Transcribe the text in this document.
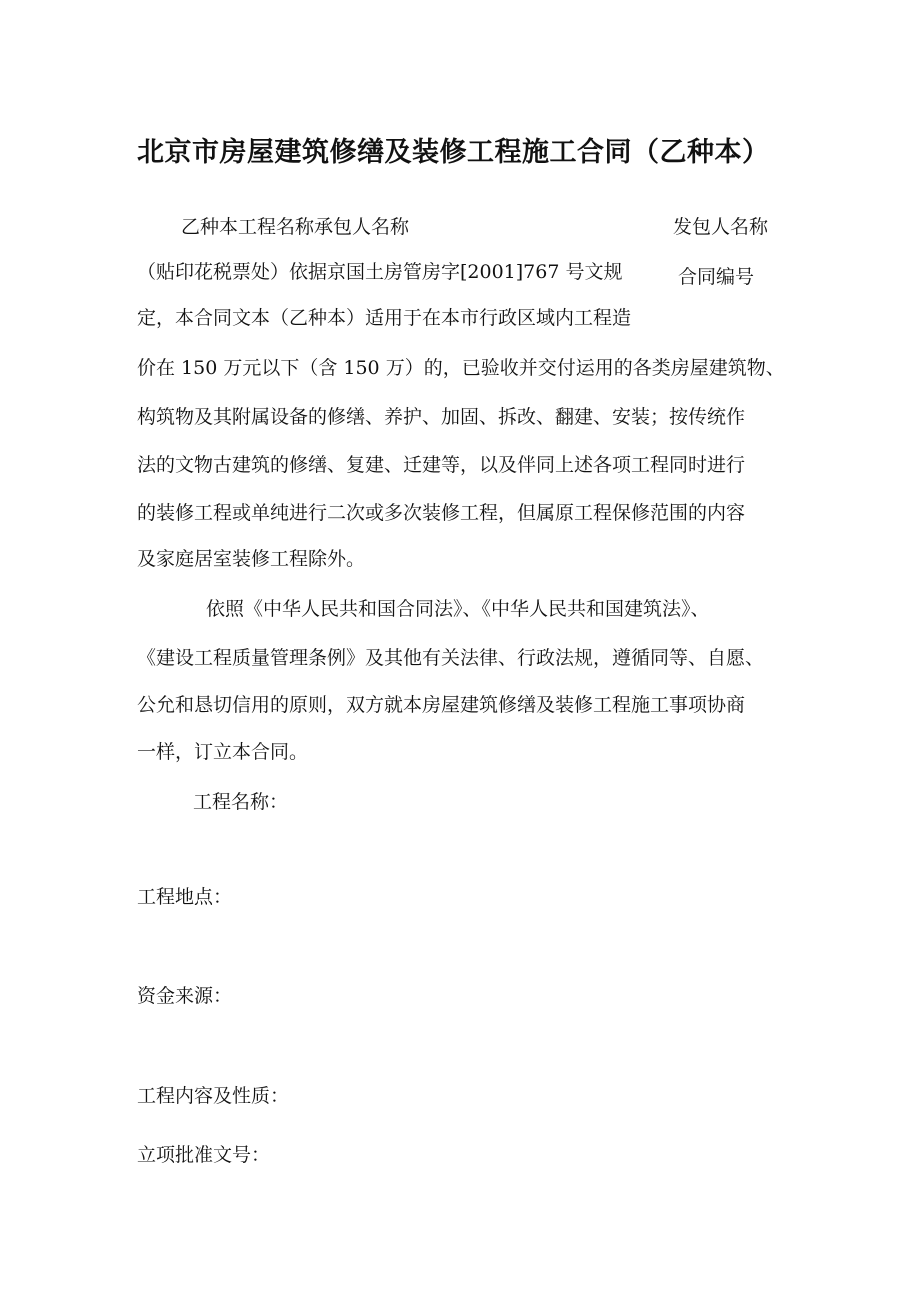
北京市房屋建筑修缮及装修工程施工合同（乙种本）

乙种本工程名称承包人名称	发包人名称

（贴印花税票处）依据京国土房管房字[2001]767 号文规	合同编号

定，本合同文本（乙种本）适用于在本市行政区域内工程造

价在 150 万元以下（含 150 万）的，已验收并交付运用的各类房屋建筑物、

构筑物及其附属设备的修缮、养护、加固、拆改、翻建、安装；按传统作

法的文物古建筑的修缮、复建、迁建等，以及伴同上述各项工程同时进行

的装修工程或单纯进行二次或多次装修工程，但属原工程保修范围的内容

及家庭居室装修工程除外。

依照《中华人民共和国合同法》、《中华人民共和国建筑法》、

《建设工程质量管理条例》及其他有关法律、行政法规，遵循同等、自愿、

公允和恳切信用的原则，双方就本房屋建筑修缮及装修工程施工事项协商

一样，订立本合同。

工程名称：

工程地点：

资金来源：

工程内容及性质：

立项批准文号：
